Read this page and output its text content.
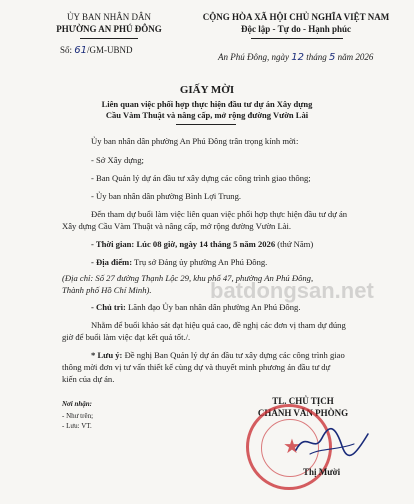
ỦY BAN NHÂN DÂN
PHƯỜNG AN PHÚ ĐÔNG
Số: 61/GM-UBND
CỘNG HÒA XÃ HỘI CHỦ NGHĨA VIỆT NAM
Độc lập - Tự do - Hạnh phúc
An Phú Đông, ngày 12 tháng 5 năm 2026
GIẤY MỜI
Liên quan việc phối hợp thực hiện đầu tư dự án Xây dựng
Cầu Vàm Thuật và nâng cấp, mở rộng đường Vườn Lài
Ủy ban nhân dân phường An Phú Đông trân trọng kính mời:
- Sở Xây dựng;
- Ban Quản lý dự án đầu tư xây dựng các công trình giao thông;
- Ủy ban nhân dân phường Bình Lợi Trung.
Đến tham dự buổi làm việc liên quan việc phối hợp thực hiện đầu tư dự án
Xây dựng Cầu Vàm Thuật và nâng cấp, mở rộng đường Vườn Lài.
- Thời gian: Lúc 08 giờ, ngày 14 tháng 5 năm 2026 (thứ Năm)
- Địa điểm: Trụ sở Đảng ủy phường An Phú Đông.
(Địa chỉ: Số 27 đường Thạnh Lộc 29, khu phố 47, phường An Phú Đông,
Thành phố Hồ Chí Minh).
- Chủ trì: Lãnh đạo Ủy ban nhân dân phường An Phú Đông.
Nhằm để buổi khảo sát đạt hiệu quả cao, đề nghị các đơn vị tham dự đúng
giờ để buổi làm việc đạt kết quả tốt./.
* Lưu ý: Đề nghị Ban Quản lý dự án đầu tư xây dựng các công trình giao
thông mời đơn vị tư vấn thiết kế cùng dự và thuyết minh phương án đầu tư dự
kiến của dự án.
batdongsan.net
Nơi nhận:
- Như trên;
- Lưu: VT.
TL. CHỦ TỊCH
CHÁNH VĂN PHÒNG
★
Thị Mười
